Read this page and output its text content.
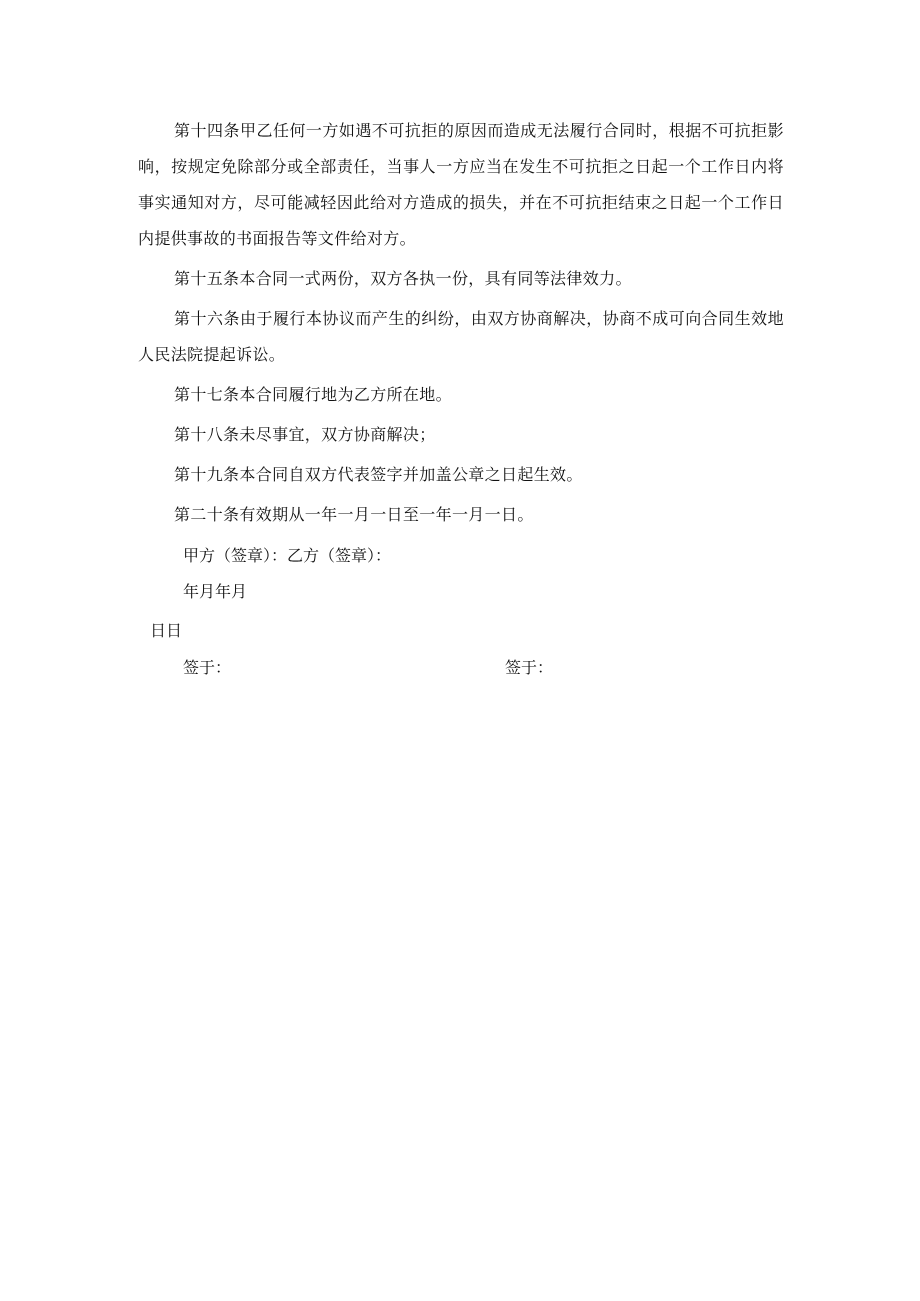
第十四条甲乙任何一方如遇不可抗拒的原因而造成无法履行合同时，根据不可抗拒影响，按规定免除部分或全部责任，当事人一方应当在发生不可抗拒之日起一个工作日内将事实通知对方，尽可能减轻因此给对方造成的损失，并在不可抗拒结束之日起一个工作日内提供事故的书面报告等文件给对方。

第十五条本合同一式两份，双方各执一份，具有同等法律效力。

第十六条由于履行本协议而产生的纠纷，由双方协商解决，协商不成可向合同生效地人民法院提起诉讼。

第十七条本合同履行地为乙方所在地。

第十八条未尽事宜，双方协商解决；

第十九条本合同自双方代表签字并加盖公章之日起生效。

第二十条有效期从一年一月一日至一年一月一日。

甲方（签章）：乙方（签章）：
年月年月
日日
签于：	签于：
